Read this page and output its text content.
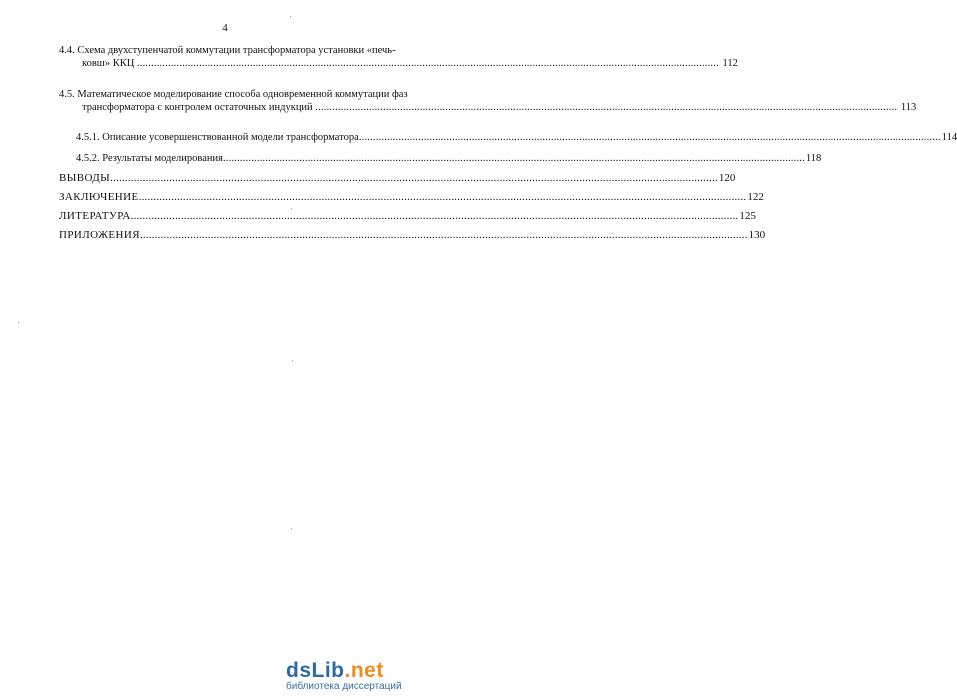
4
4.4. Схема двухступенчатой коммутации трансформатора установки «печь-
ковш» ККЦ .....	112
4.5. Математическое моделирование способа одновременной коммутации фаз
трансформатора с контролем остаточных индукций .....	113
4.5.1. Описание усовершенствованной модели трансформатора .....	114
4.5.2. Результаты моделирования .....	118
ВЫВОДЫ .....	120
ЗАКЛЮЧЕНИЕ .....	122
ЛИТЕРАТУРА .....	125
ПРИЛОЖЕНИЯ .....	130
dsLib.net
библиотека диссертаций
